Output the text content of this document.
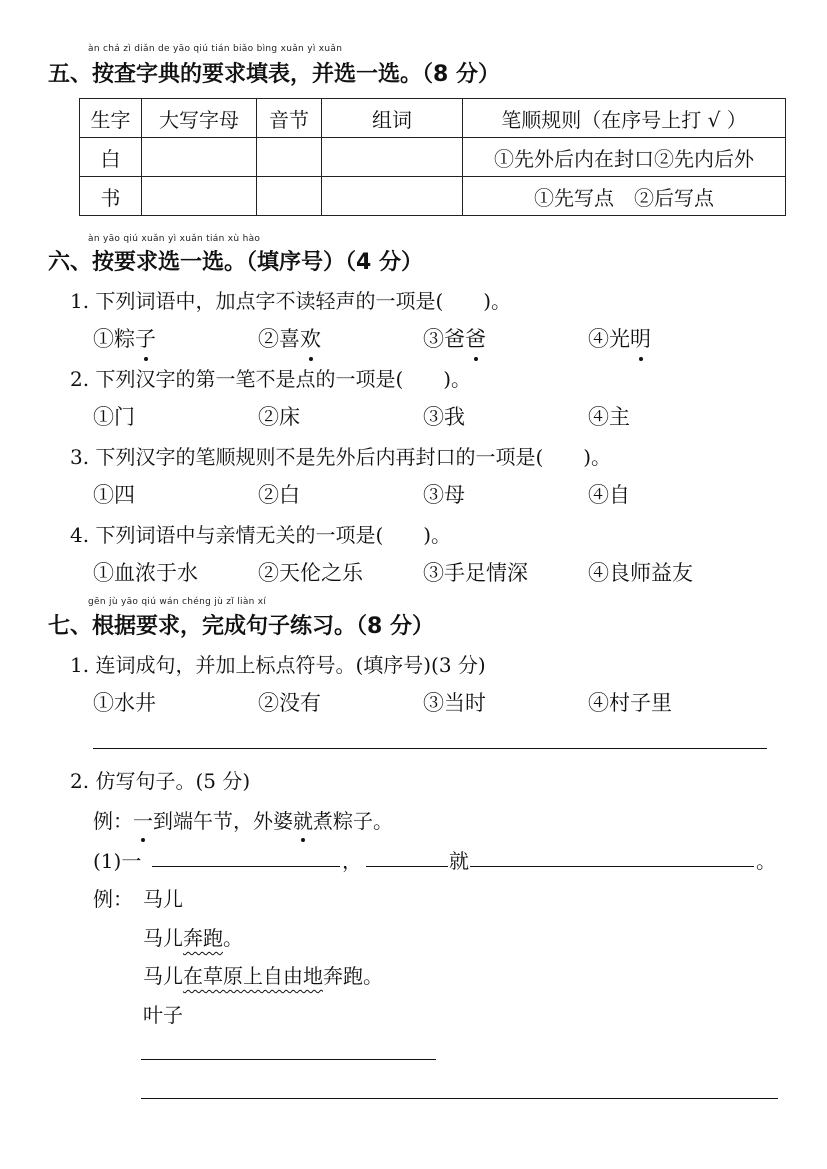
àn chá zì diǎn de yāo qiú tián biǎo bìng xuǎn yì xuǎn
五、按查字典的要求填表，并选一选。（8 分）
生字	大写字母	音节	组词	笔顺规则（在序号上打 √ ）
白				①先外后内在封口②先内后外
书				①先写点　②后写点
àn yāo qiú xuǎn yì xuǎn tián xù hào
六、按要求选一选。（填序号）（4 分）
1. 下列词语中，加点字不读轻声的一项是(　　)。
①粽子	②喜欢	③爸爸	④光明
2. 下列汉字的第一笔不是点的一项是(　　)。
①门	②床	③我	④主
3. 下列汉字的笔顺规则不是先外后内再封口的一项是(　　)。
①四	②白	③母	④自
4. 下列词语中与亲情无关的一项是(　　)。
①血浓于水	②天伦之乐	③手足情深	④良师益友
gēn jù yāo qiú wán chéng jù zǐ liàn xí
七、根据要求，完成句子练习。（8 分）
1. 连词成句，并加上标点符号。(填序号)(3 分)
①水井	②没有	③当时	④村子里
2. 仿写句子。(5 分)
例：一
到端午节，外婆就
煮粽子。
(1)一	，	就	。
例： 马儿
马儿奔跑。
马儿在草原上自由地奔跑。
叶子
